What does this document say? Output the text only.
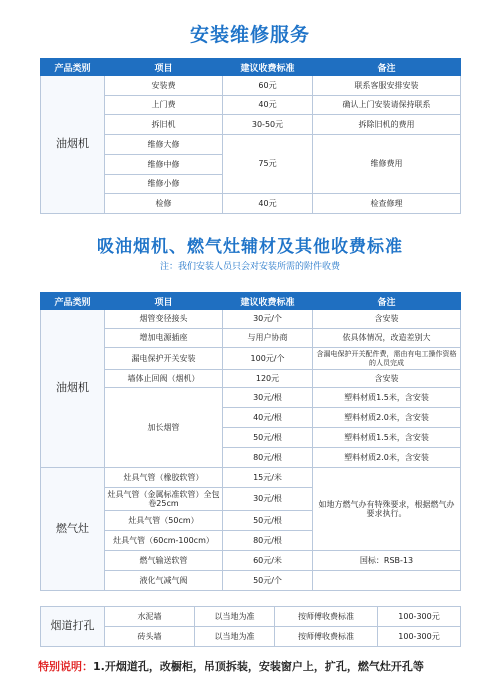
安装维修服务
产品类别	项目	建议收费标准	备注
油烟机	安装费	60元	联系客服安排安装
	上门费	40元	确认上门安装请保持联系
	拆旧机	30-50元	拆除旧机的费用
	维修大修	75元	维修费用
	维修中修		
	维修小修		
	检修	40元	检查修理
吸油烟机、燃气灶辅材及其他收费标准
注：我们安装人员只会对安装所需的附件收费
产品类别	项目	建议收费标准	备注
油烟机	烟管变径接头	30元/个	含安装
	增加电源插座	与用户协商	依具体情况，改造差别大
	漏电保护开关安装	100元/个	含漏电保护开关配件费，需由有电工操作资格的人员完成
	墙体止回阀（烟机）	120元	含安装
	加长烟管	30元/根	塑料材质1.5米，含安装
		40元/根	塑料材质2.0米，含安装
		50元/根	塑料材质1.5米，含安装
		80元/根	塑料材质2.0米，含安装
燃气灶	灶具气管（橡胶软管）	15元/米	如地方燃气办有特殊要求，根据燃气办要求执行。
	灶具气管（金属标准软管）全包卷25cm	30元/根	
	灶具气管（50cm）	50元/根	
	灶具气管（60cm-100cm）	80元/根	
	燃气输送软管	60元/米	国标：RSB-13
	液化气减气阀	50元/个	
烟道打孔	水泥墙	以当地为准	按师傅收费标准	100-300元
	砖头墙	以当地为准	按师傅收费标准	100-300元
特别说明：1.开烟道孔，改橱柜，吊顶拆装，安装窗户上，扩孔，燃气灶开孔等
